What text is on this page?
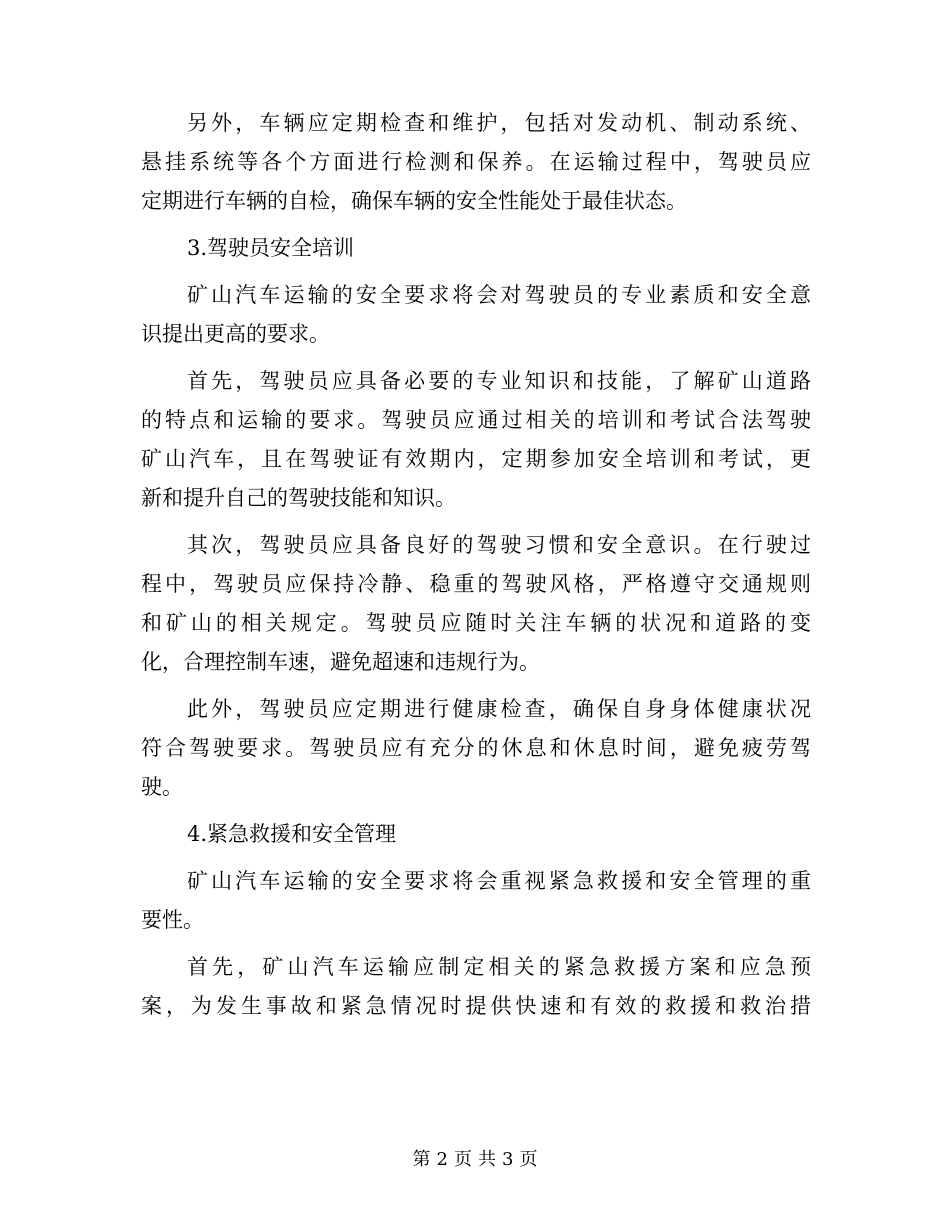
另外，车辆应定期检查和维护，包括对发动机、制动系统、
悬挂系统等各个方面进行检测和保养。在运输过程中，驾驶员应
定期进行车辆的自检，确保车辆的安全性能处于最佳状态。
3.驾驶员安全培训
矿山汽车运输的安全要求将会对驾驶员的专业素质和安全意
识提出更高的要求。
首先，驾驶员应具备必要的专业知识和技能，了解矿山道路
的特点和运输的要求。驾驶员应通过相关的培训和考试合法驾驶
矿山汽车，且在驾驶证有效期内，定期参加安全培训和考试，更
新和提升自己的驾驶技能和知识。
其次，驾驶员应具备良好的驾驶习惯和安全意识。在行驶过
程中，驾驶员应保持冷静、稳重的驾驶风格，严格遵守交通规则
和矿山的相关规定。驾驶员应随时关注车辆的状况和道路的变
化，合理控制车速，避免超速和违规行为。
此外，驾驶员应定期进行健康检查，确保自身身体健康状况
符合驾驶要求。驾驶员应有充分的休息和休息时间，避免疲劳驾
驶。
4.紧急救援和安全管理
矿山汽车运输的安全要求将会重视紧急救援和安全管理的重
要性。
首先，矿山汽车运输应制定相关的紧急救援方案和应急预
案，为发生事故和紧急情况时提供快速和有效的救援和救治措
第 2 页 共 3 页
